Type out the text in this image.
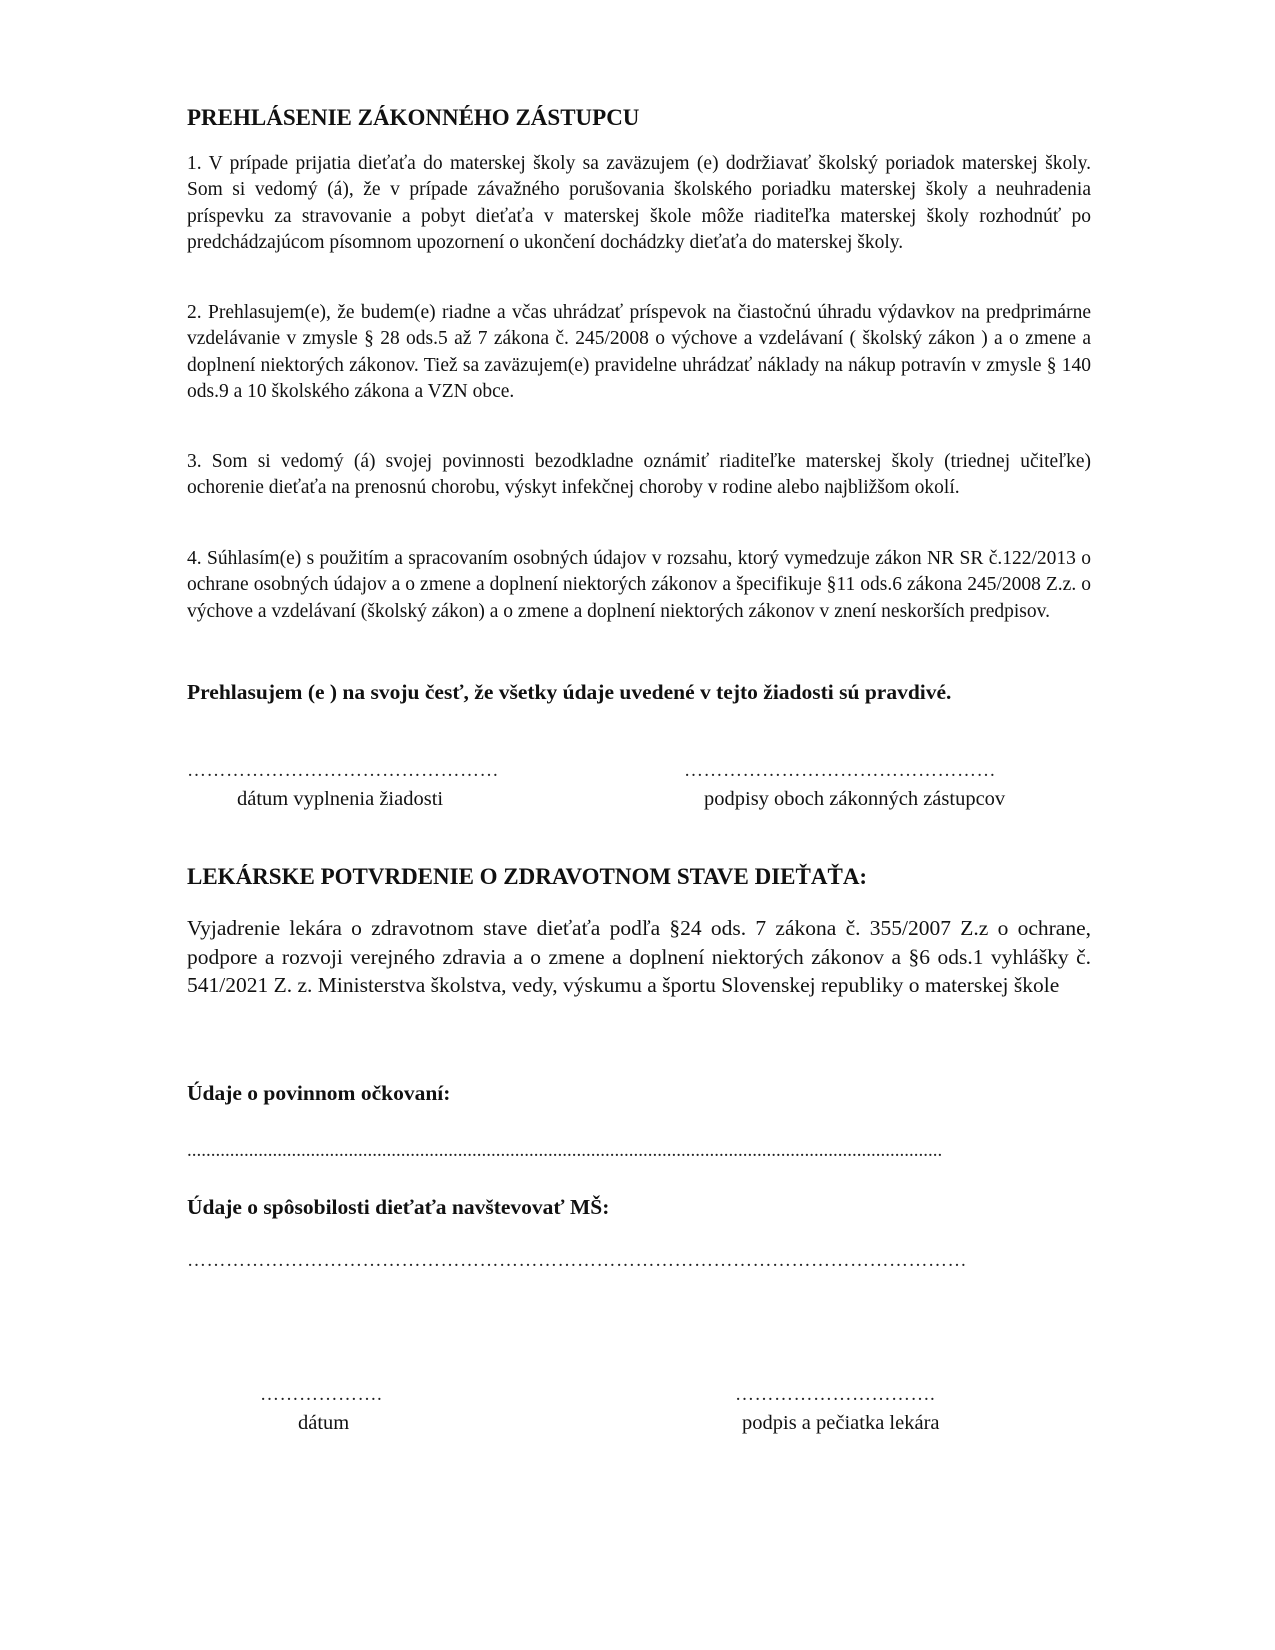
PREHLÁSENIE ZÁKONNÉHO ZÁSTUPCU

1. V prípade prijatia dieťaťa do materskej školy sa zaväzujem (e) dodržiavať školský poriadok materskej školy. Som si vedomý (á), že v prípade závažného porušovania školského poriadku materskej školy a neuhradenia príspevku za stravovanie a pobyt dieťaťa v materskej škole môže riaditeľka materskej školy rozhodnúť po predchádzajúcom písomnom upozornení o ukončení dochádzky dieťaťa do materskej školy.

2. Prehlasujem(e), že budem(e) riadne a včas uhrádzať príspevok na čiastočnú úhradu výdavkov na predprimárne vzdelávanie v zmysle § 28 ods.5 až 7 zákona č. 245/2008 o výchove a vzdelávaní ( školský zákon ) a o zmene a doplnení niektorých zákonov. Tiež sa zaväzujem(e) pravidelne uhrádzať náklady na nákup potravín v zmysle § 140 ods.9 a 10 školského zákona a VZN obce.

3. Som si vedomý (á) svojej povinnosti bezodkladne oznámiť riaditeľke materskej školy (triednej učiteľke) ochorenie dieťaťa na prenosnú chorobu, výskyt infekčnej choroby v rodine alebo najbližšom okolí.

4. Súhlasím(e) s použitím a spracovaním osobných údajov v rozsahu, ktorý vymedzuje zákon NR SR č.122/2013 o ochrane osobných údajov a o zmene a doplnení niektorých zákonov a špecifikuje §11 ods.6 zákona 245/2008 Z.z. o výchove a vzdelávaní (školský zákon) a o zmene a doplnení niektorých zákonov v znení neskorších predpisov.

Prehlasujem (e ) na svoju česť, že všetky údaje uvedené v tejto žiadosti sú pravdivé.

…………………………………………
dátum vyplnenia žiadosti
…………………………………………
podpisy oboch zákonných zástupcov
LEKÁRSKE POTVRDENIE O ZDRAVOTNOM STAVE DIEŤAŤA:

Vyjadrenie lekára o zdravotnom stave dieťaťa podľa §24 ods. 7 zákona č. 355/2007 Z.z o ochrane, podpore a rozvoji verejného zdravia a o zmene a doplnení niektorých zákonov a §6 ods.1 vyhlášky č. 541/2021 Z. z. Ministerstva školstva, vedy, výskumu a športu Slovenskej republiky o materskej škole

Údaje o povinnom očkovaní:
...............................................................................................................................................................
Údaje o spôsobilosti dieťaťa navštevovať MŠ:
…………………………………………………………………………………………………………
……………….
dátum
………………………….
podpis a pečiatka lekára
